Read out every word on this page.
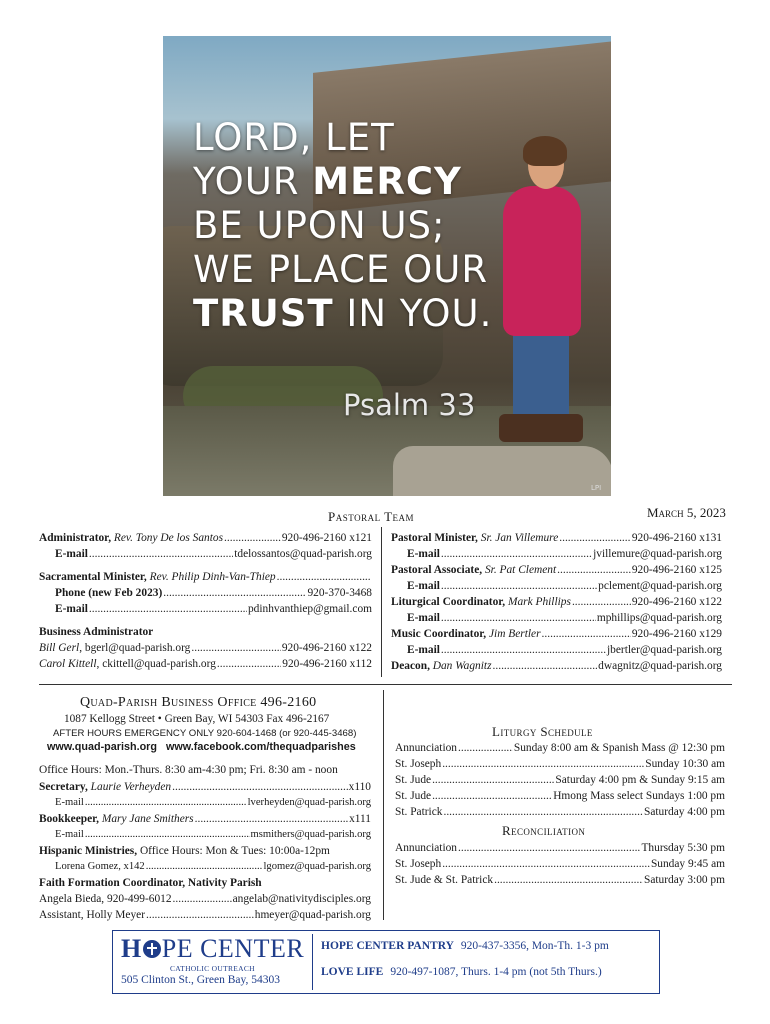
LORD, LET
YOUR MERCY
BE UPON US;
WE PLACE OUR
TRUST IN YOU.
Psalm 33
LPI
March 5, 2023
Pastoral Team
Administrator, Rev. Tony De los Santos .....	920-496-2160 x121
E-mail .....	tdelossantos@quad-parish.org
Sacramental Minister, Rev. Philip Dinh-Van-Thiep
.....
Phone (new Feb 2023) .....	920-370-3468
E-mail .....	pdinhvanthiep@gmail.com
Business Administrator
Bill Gerl, bgerl@quad-parish.org .....	920-496-2160 x122
Carol Kittell, ckittell@quad-parish.org .....	920-496-2160 x112
Pastoral Minister, Sr. Jan Villemure .....	920-496-2160 x131
E-mail .....	jvillemure@quad-parish.org
Pastoral Associate, Sr. Pat Clement .....	920-496-2160 x125
E-mail .....	pclement@quad-parish.org
Liturgical Coordinator, Mark Phillips .....	920-496-2160 x122
E-mail .....	mphillips@quad-parish.org
Music Coordinator, Jim Bertler .....	920-496-2160 x129
E-mail .....	jbertler@quad-parish.org
Deacon, Dan Wagnitz .....	dwagnitz@quad-parish.org
Quad-Parish Business Office 496-2160
1087 Kellogg Street • Green Bay, WI 54303 Fax 496-2167
AFTER HOURS EMERGENCY ONLY 920-604-1468 (or 920-445-3468)
www.quad-parish.org www.facebook.com/thequadparishes
Office Hours: Mon.-Thurs. 8:30 am-4:30 pm; Fri. 8:30 am - noon
Secretary, Laurie Verheyden .....	x110
E-mail .....	lverheyden@quad-parish.org
Bookkeeper, Mary Jane Smithers .....	x111
E-mail .....	msmithers@quad-parish.org
Hispanic Ministries, Office Hours: Mon & Tues: 10:00a-12pm
Lorena Gomez, x142 .....	lgomez@quad-parish.org
Faith Formation Coordinator, Nativity Parish
Angela Bieda, 920-499-6012 .....	angelab@nativitydisciples.org
Assistant, Holly Meyer .....	hmeyer@quad-parish.org
Liturgy Schedule
Annunciation .....	Sunday 8:00 am & Spanish Mass @ 12:30 pm
St. Joseph .....	Sunday 10:30 am
St. Jude .....	Saturday 4:00 pm & Sunday 9:15 am
St. Jude .....	Hmong Mass select Sundays 1:00 pm
St. Patrick .....	Saturday 4:00 pm
Reconciliation
Annunciation .....	Thursday 5:30 pm
St. Joseph .....	Sunday 9:45 am
St. Jude & St. Patrick .....	Saturday 3:00 pm
H PE CENTER
CATHOLIC OUTREACH
505 Clinton St., Green Bay, 54303
HOPE CENTER PANTRY 920-437-3356, Mon-Th. 1-3 pm
LOVE LIFE 920-497-1087, Thurs. 1-4 pm (not 5th Thurs.)
